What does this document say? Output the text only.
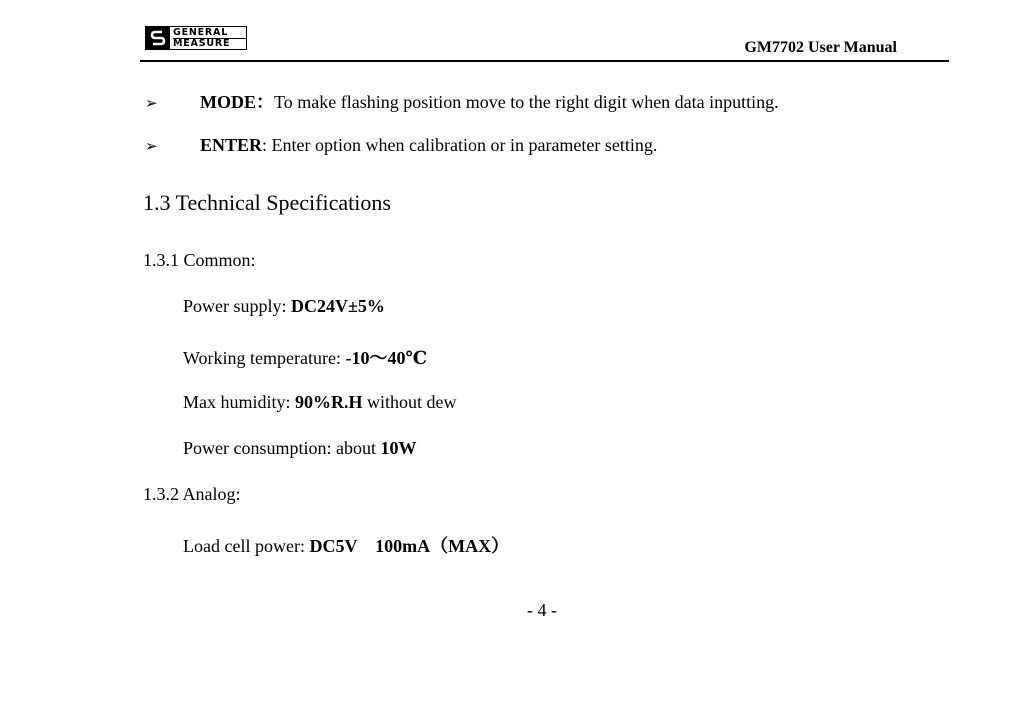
GENERAL
MEASURE	GM7702 User Manual
➢ MODE：To make flashing position move to the right digit when data inputting.
➢ ENTER: Enter option when calibration or in parameter setting.
1.3 Technical Specifications
1.3.1 Common:
Power supply: DC24V±5%
Working temperature: -10～40℃
Max humidity: 90%R.H without dew
Power consumption: about 10W
1.3.2 Analog:
Load cell power: DC5V　100mA（MAX）
- 4 -
